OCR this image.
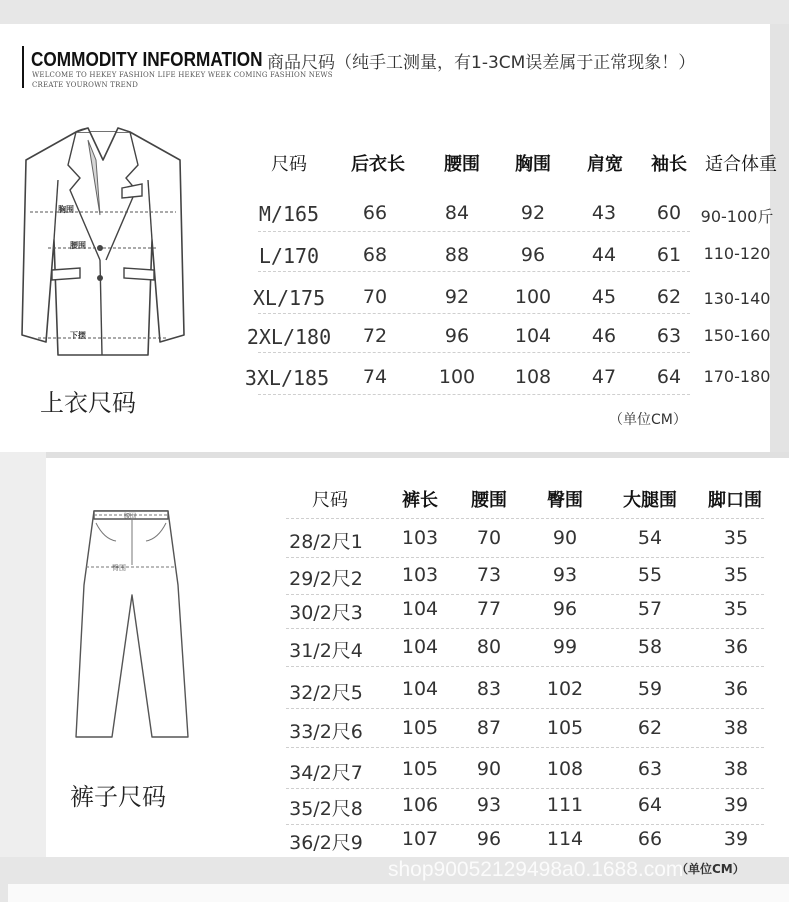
COMMODITY INFORMATION 商品尺码（纯手工测量，有1-3CM误差属于正常现象！）
WELCOME TO HEKEY FASHION LIFE HEKEY WEEK COMING FASHION NEWS
CREATE YOUROWN TREND
胸围
腰围
下摆
上衣尺码
尺码 后衣长 腰围 胸围 肩宽 袖长 适合体重
M/165 66	84	92 43 60 90-100斤
L/170 68	88	96 44 61 110-120
XL/175 70	92 100 45 62 130-140
2XL/180 72	96 104 46 63 150-160
3XL/185 74	100 108 47 64 170-180
（单位CM）
腰围
臀围
裤子尺码
尺码	裤长 腰围 臀围 大腿围 脚口围
28/2尺1 103 70	90	54	35
29/2尺2 103 73	93	55	35
30/2尺3 104 77	96	57	35
31/2尺4 104 80	99	58	36
32/2尺5 104 83 102	59	36
33/2尺6 105 87 105	62	38
34/2尺7 105 90 108	63	38
35/2尺8 106 93 111	64	39
36/2尺9 107 96 114	66	39
（单位CM）
shop90052129498a0.1688.com
